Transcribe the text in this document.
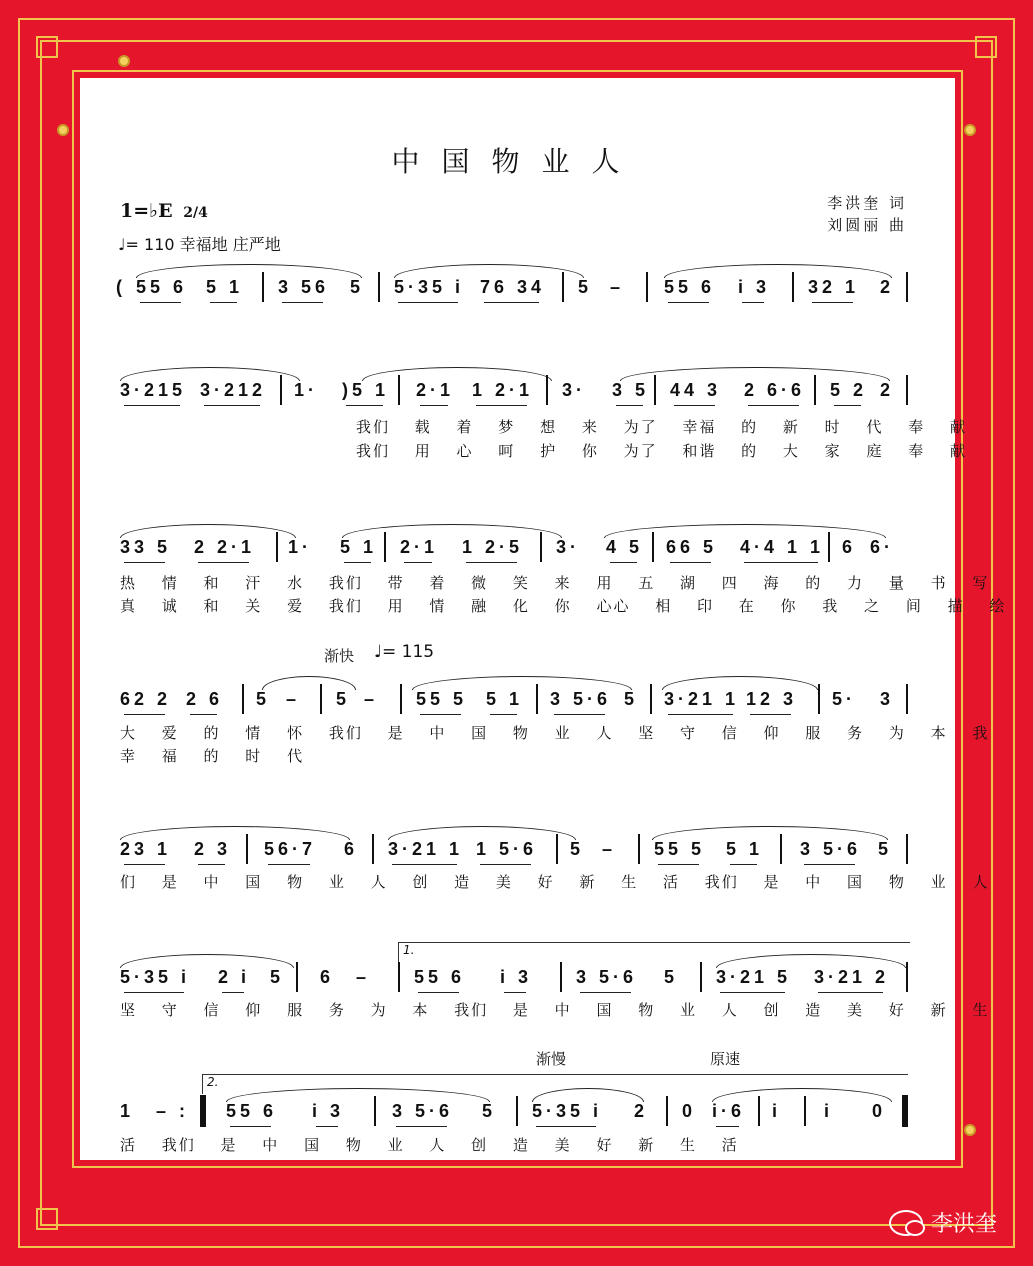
中国物业人
1=♭E 2/4
♩= 110 幸福地 庄严地
李洪奎 词
刘圆丽 曲
( 55 6 5 1 3 56 5 5·35 i 76 34 5 – 55 6 i 3 32 1 2
3·215 3·212 1· )5 1 2·1 1 2·1 3· 3 5 44 3 2 6·6 5 2 2
我们 载 着 梦 想 来 为了 幸福 的 新 时 代 奉 献
我们 用 心 呵 护 你 为了 和谐 的 大 家 庭 奉 献
33 5 2 2·1 1· 5 1 2·1 1 2·5 3· 4 5 66 5 4·4 1 1 6 6·
热 情 和 汗 水 我们 带 着 微 笑 来 用 五 湖 四 海 的 力 量 书 写
真 诚 和 关 爱 我们 用 情 融 化 你 心心 相 印 在 你 我 之 间 描 绘
渐快 ♩= 115
62 2 2 6 5 – 5 – 55 5 5 1 3 5·6 5 3·21 1 12 3 5· 3
大 爱 的 情 怀 我们 是 中 国 物 业 人 坚 守 信 仰 服 务 为 本 我
幸 福 的 时 代
23 1 2 3 56·7 6 3·21 1 1 5·6 5 – 55 5 5 1 3 5·6 5
们 是 中 国 物 业 人 创 造 美 好 新 生 活 我们 是 中 国 物 业 人
1.
5·35 i 2 i 5 6 – 55 6 i 3 3 5·6 5 3·21 5 3·21 2
坚 守 信 仰 服 务 为 本 我们 是 中 国 物 业 人 创 造 美 好 新 生
渐慢	原速
2.
1 – : 55 6 i 3	3 5·6 5 5·35 i 2 0 i·6 i i 0
活 我们 是 中 国 物 业 人 创 造 美 好 新 生 活
李洪奎
